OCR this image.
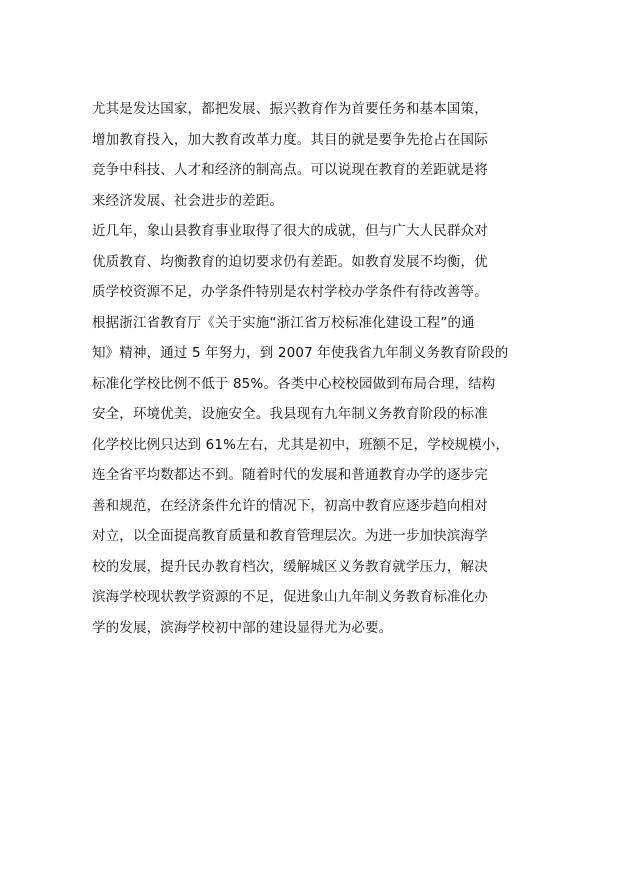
尤其是发达国家，都把发展、振兴教育作为首要任务和基本国策，
增加教育投入，加大教育改革力度。其目的就是要争先抢占在国际
竞争中科技、人才和经济的制高点。可以说现在教育的差距就是将
来经济发展、社会进步的差距。
近几年，象山县教育事业取得了很大的成就，但与广大人民群众对
优质教育、均衡教育的迫切要求仍有差距。如教育发展不均衡，优
质学校资源不足，办学条件特别是农村学校办学条件有待改善等。
根据浙江省教育厅《关于实施“浙江省万校标准化建设工程”的通
知》精神，通过 5 年努力，到 2007 年使我省九年制义务教育阶段的
标准化学校比例不低于 85%。各类中心校校园做到布局合理，结构
安全，环境优美，设施安全。我县现有九年制义务教育阶段的标准
化学校比例只达到 61%左右，尤其是初中，班额不足，学校规模小，
连全省平均数都达不到。随着时代的发展和普通教育办学的逐步完
善和规范，在经济条件允许的情况下，初高中教育应逐步趋向相对
对立，以全面提高教育质量和教育管理层次。为进一步加快滨海学
校的发展，提升民办教育档次，缓解城区义务教育就学压力，解决
滨海学校现状教学资源的不足，促进象山九年制义务教育标准化办
学的发展，滨海学校初中部的建设显得尤为必要。
